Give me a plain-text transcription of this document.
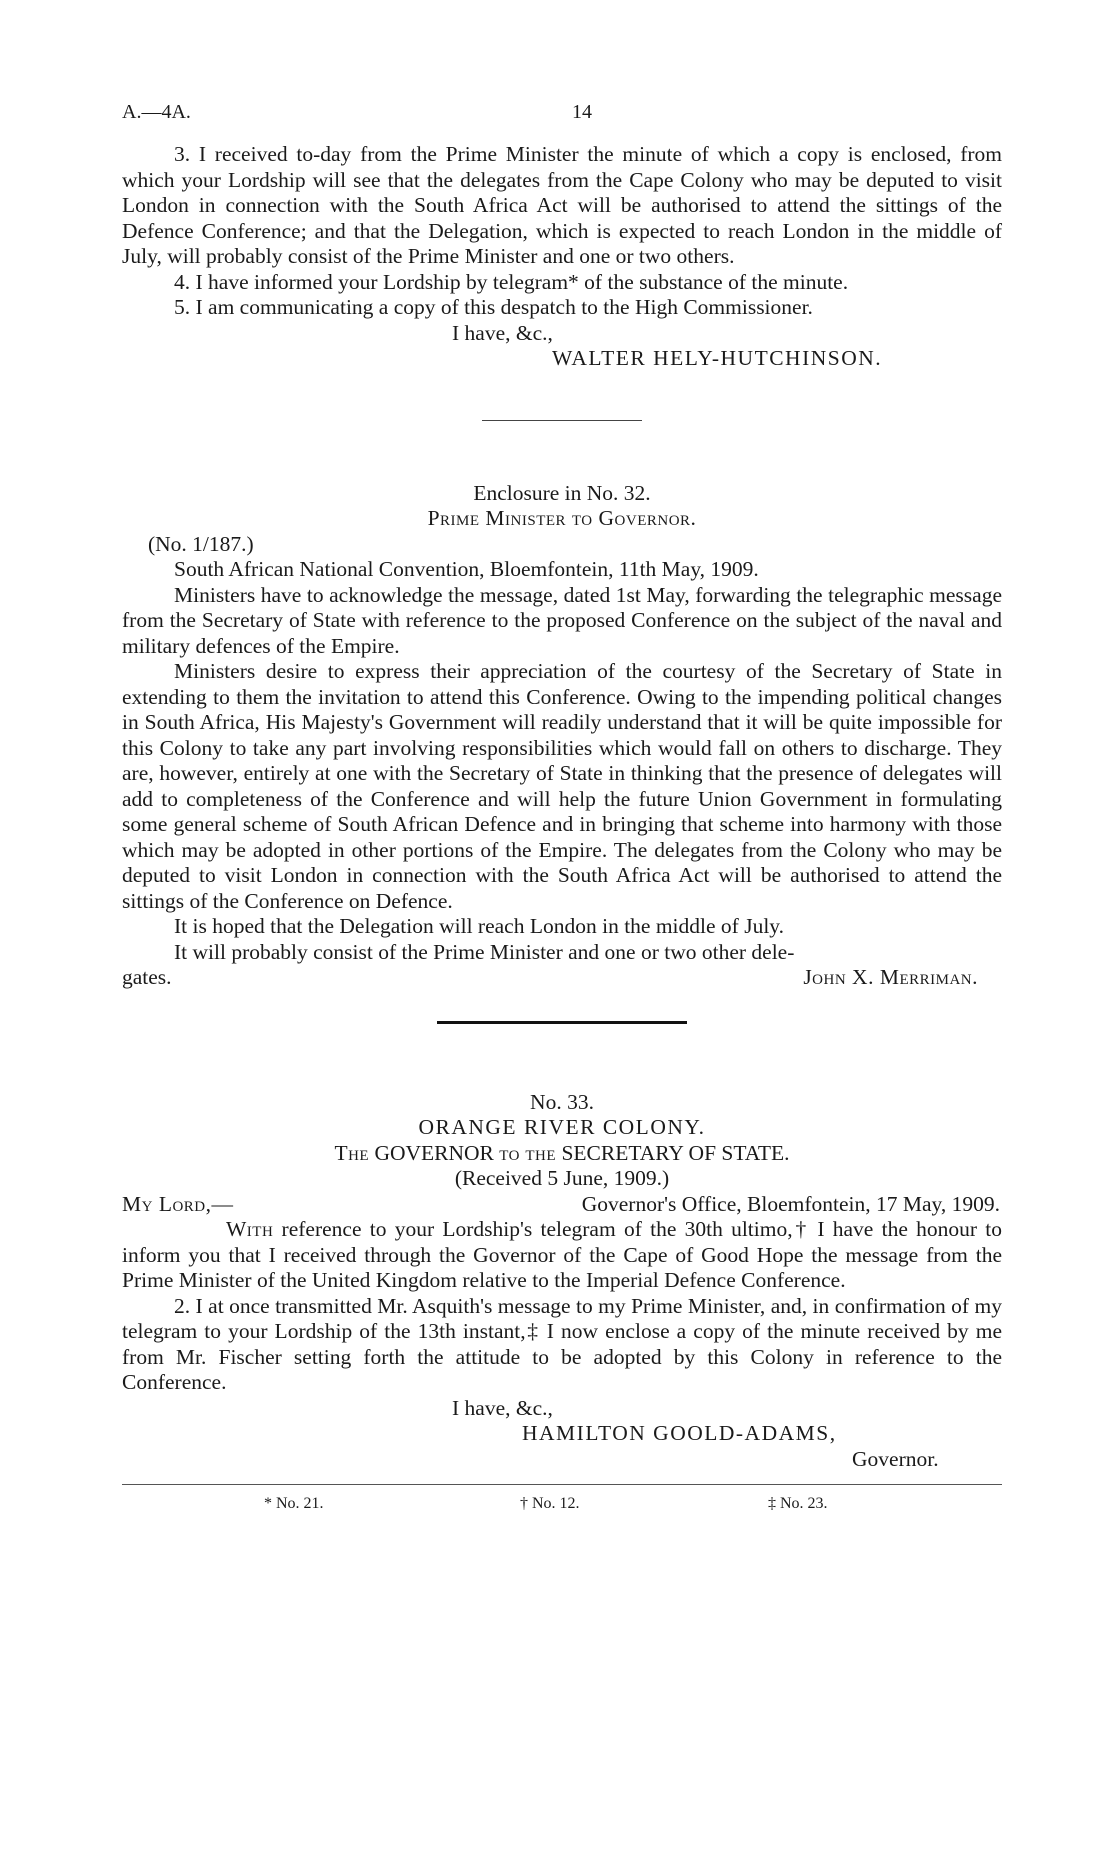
A.—4A.	14

3. I received to-day from the Prime Minister the minute of which a copy is enclosed, from which your Lordship will see that the delegates from the Cape Colony who may be deputed to visit London in connection with the South Africa Act will be authorised to attend the sittings of the Defence Conference; and that the Delegation, which is expected to reach London in the middle of July, will probably consist of the Prime Minister and one or two others.

4. I have informed your Lordship by telegram* of the substance of the minute.

5. I am communicating a copy of this despatch to the High Commissioner.

I have, &c.,

WALTER HELY-HUTCHINSON.

Enclosure in No. 32.

Prime Minister to Governor.

(No. 1/187.)

South African National Convention, Bloemfontein, 11th May, 1909.

Ministers have to acknowledge the message, dated 1st May, forwarding the telegraphic message from the Secretary of State with reference to the proposed Conference on the subject of the naval and military defences of the Empire.

Ministers desire to express their appreciation of the courtesy of the Secretary of State in extending to them the invitation to attend this Conference. Owing to the impending political changes in South Africa, His Majesty's Government will readily understand that it will be quite impossible for this Colony to take any part involving responsibilities which would fall on others to discharge. They are, however, entirely at one with the Secretary of State in thinking that the presence of delegates will add to completeness of the Conference and will help the future Union Government in formulating some general scheme of South African Defence and in bringing that scheme into harmony with those which may be adopted in other portions of the Empire. The delegates from the Colony who may be deputed to visit London in connection with the South Africa Act will be authorised to attend the sittings of the Conference on Defence.

It is hoped that the Delegation will reach London in the middle of July.

It will probably consist of the Prime Minister and one or two other dele-

gates.	John X. Merriman.

No. 33.

ORANGE RIVER COLONY.

The GOVERNOR to the SECRETARY OF STATE.

(Received 5 June, 1909.)

My Lord,—	Governor's Office, Bloemfontein, 17 May, 1909.

With reference to your Lordship's telegram of the 30th ultimo,† I have the honour to inform you that I received through the Governor of the Cape of Good Hope the message from the Prime Minister of the United Kingdom relative to the Imperial Defence Conference.

2. I at once transmitted Mr. Asquith's message to my Prime Minister, and, in confirmation of my telegram to your Lordship of the 13th instant,‡ I now enclose a copy of the minute received by me from Mr. Fischer setting forth the attitude to be adopted by this Colony in reference to the Conference.

I have, &c.,

HAMILTON GOOLD-ADAMS,

Governor.

* No. 21.	† No. 12.	‡ No. 23.
